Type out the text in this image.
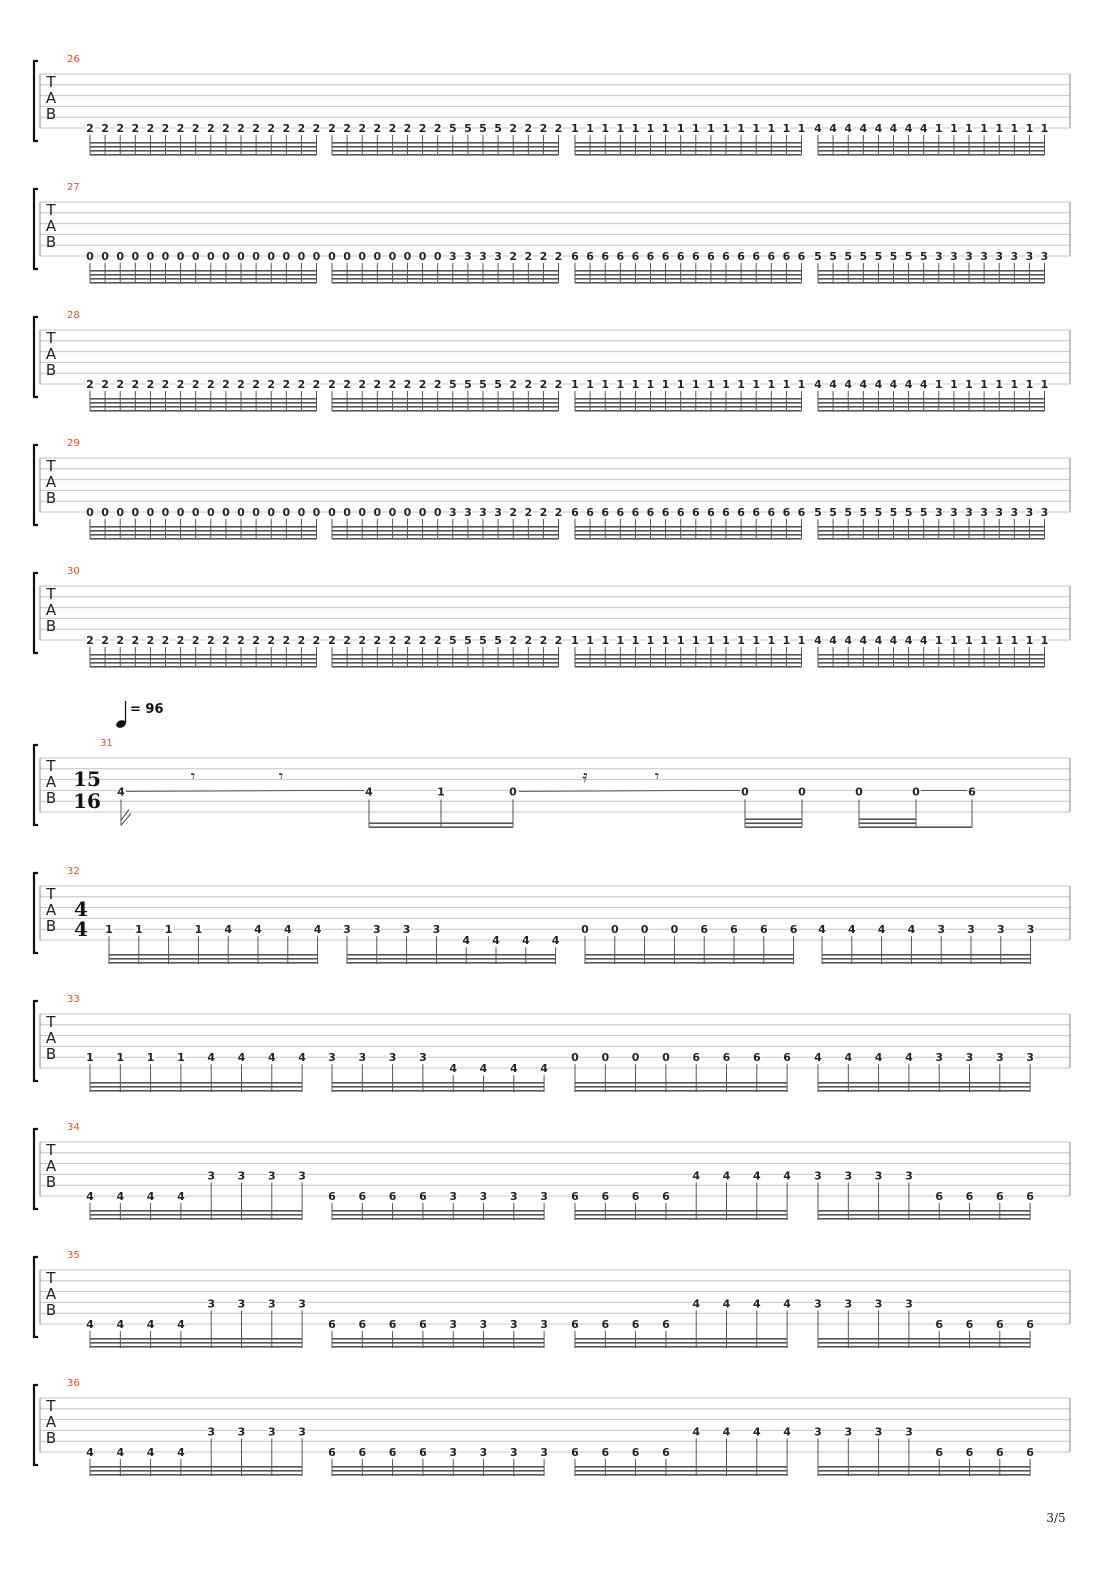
T
A
B
26
2 2 2 2 2 2 2 2 2 2 2 2 2 2 2 2 2 2 2 2 2 2 2 2 5 5 5 5 2 2 2 2 1 1 1 1 1 1 1 1 1 1 1 1 1 1 1 1 4 4 4 4 4 4 4 4 1 1 1 1 1 1 1 1
T
A
B
27
0 0 0 0 0 0 0 0 0 0 0 0 0 0 0 0 0 0 0 0 0 0 0 0 3 3 3 3 2 2 2 2 6 6 6 6 6 6 6 6 6 6 6 6 6 6 6 6 5 5 5 5 5 5 5 5 3 3 3 3 3 3 3 3
T
A
B
28
2 2 2 2 2 2 2 2 2 2 2 2 2 2 2 2 2 2 2 2 2 2 2 2 5 5 5 5 2 2 2 2 1 1 1 1 1 1 1 1 1 1 1 1 1 1 1 1 4 4 4 4 4 4 4 4 1 1 1 1 1 1 1 1
T
A
B
29
0 0 0 0 0 0 0 0 0 0 0 0 0 0 0 0 0 0 0 0 0 0 0 0 3 3 3 3 2 2 2 2 6 6 6 6 6 6 6 6 6 6 6 6 6 6 6 6 5 5 5 5 5 5 5 5 3 3 3 3 3 3 3 3
T
A
B
30
2 2 2 2 2 2 2 2 2 2 2 2 2 2 2 2 2 2 2 2 2 2 2 2 5 5 5 5 2 2 2 2 1 1 1 1 1 1 1 1 1 1 1 1 1 1 1 1 4 4 4 4 4 4 4 4 1 1 1 1 1 1 1 1
T
A
B
31
= 96
15
16 4	4	1	0	0	0	0	0	6
𝄾	𝄾	𝄿	𝄾
T
A
B
32
4
4 1 1 1 1 4 4 4 4 3 3 3 3
4 4 4 4
0 0 0 0 6 6 6 6 4 4 4 4 3 3 3 3
T
A
B
33
1 1 1 1 4 4 4 4 3 3 3 3
4 4 4 4
0 0 0 0 6 6 6 6 4 4 4 4 3 3 3 3
T
A
B
34
4 4 4 4
3 3 3 3
6 6 6 6 3 3 3 3 6 6 6 6
4 4 4 4 3 3 3 3
6 6 6 6
T
A
B
35
4 4 4 4
3 3 3 3
6 6 6 6 3 3 3 3 6 6 6 6
4 4 4 4 3 3 3 3
6 6 6 6
T
A
B
36
4 4 4 4
3 3 3 3
6 6 6 6 3 3 3 3 6 6 6 6
4 4 4 4 3 3 3 3
6 6 6 6
3/5
